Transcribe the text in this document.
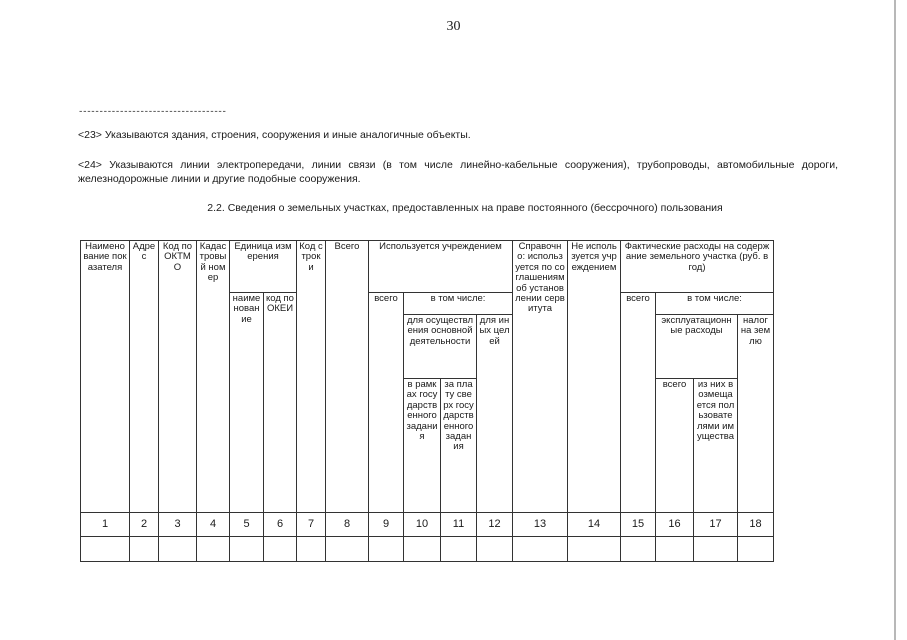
30
------------------------------------
<23> Указываются здания, строения, сооружения и иные аналогичные объекты.
<24> Указываются линии электропередачи, линии связи (в том числе линейно-кабельные сооружения), трубопроводы, автомобильные дороги, железнодорожные линии и другие подобные сооружения.
2.2. Сведения о земельных участках, предоставленных на праве постоянного (бессрочного) пользования
Наименование показателя	Адрес	Код по ОКТМО	Кадастровый номер	Единица измерения		Код строки	Всего	Используется учреждением				Справочно: используется по соглашениям об установлении сервитута	Не используется учреждением	Фактические расходы на содержание земельного участка (руб. в год)			
				наименование	код по ОКЕИ			всего	в том числе:					всего	в том числе:		
									для осуществления основной деятельности		для иных целей				эксплуатационные расходы		налог на землю
									в рамках государственного задания	за плату сверх государственного задания					всего	из них возмещается пользователями имущества	
1	2	3	4	5	6	7	8	9	10	11	12	13	14	15	16	17	18
